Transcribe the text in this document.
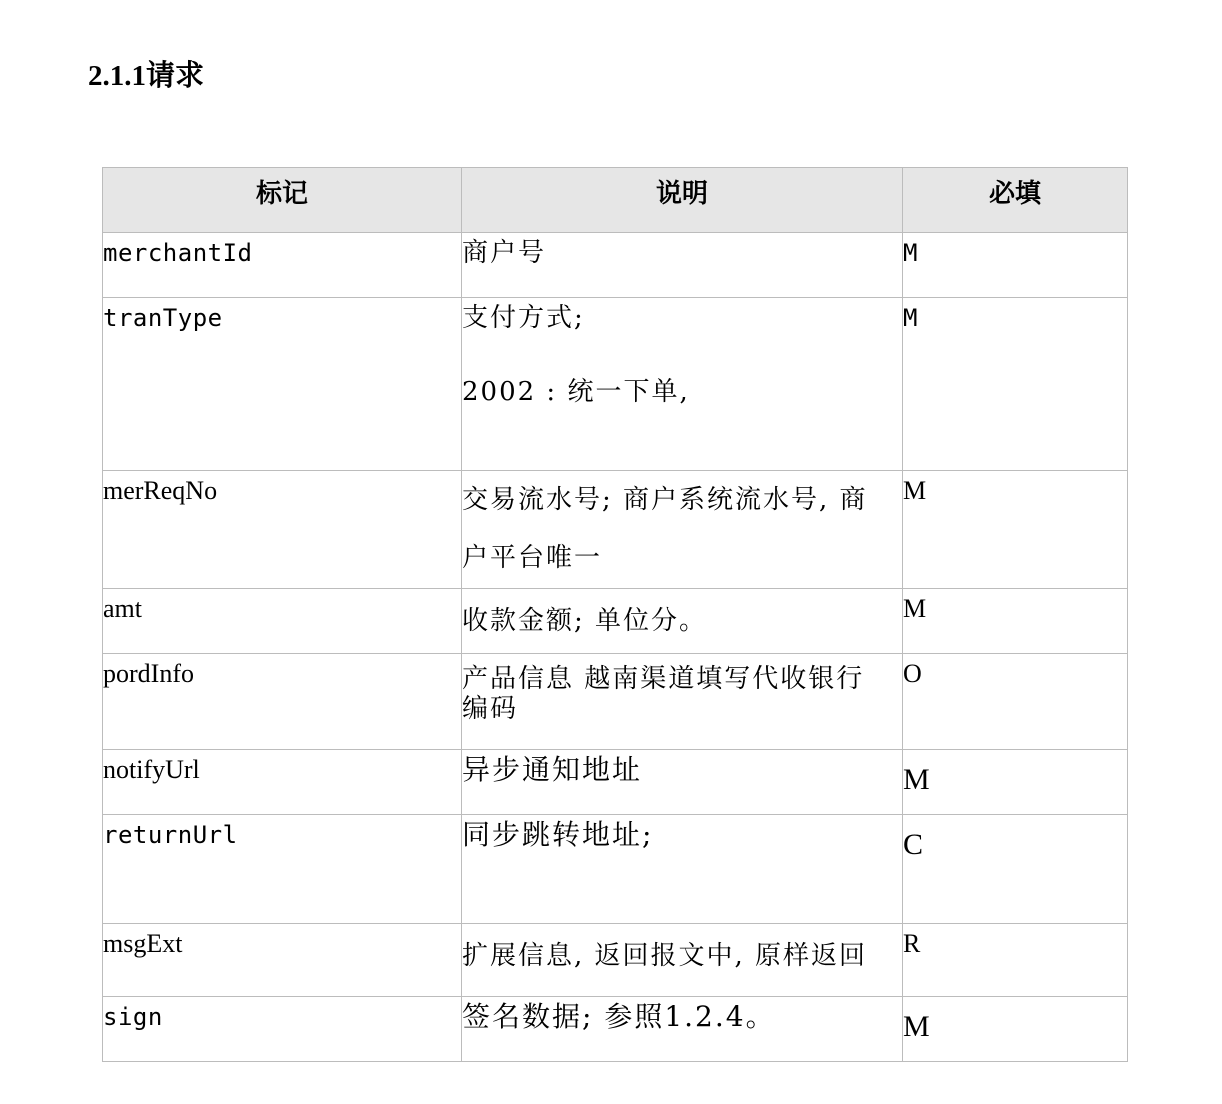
2.1.1请求
标记	说明	必填

merchantId	商户号	M

tranType	支付方式;
2002 : 统一下单,	M

merReqNo	交易流水号; 商户系统流水号, 商
户平台唯一	M

amt	收款金额; 单位分。	M

pordInfo	产品信息 越南渠道填写代收银行
编码	O

notifyUrl	异步通知地址	M

returnUrl	同步跳转地址;	C

msgExt	扩展信息, 返回报文中, 原样返回	R

sign	签名数据; 参照1.2.4。	M
